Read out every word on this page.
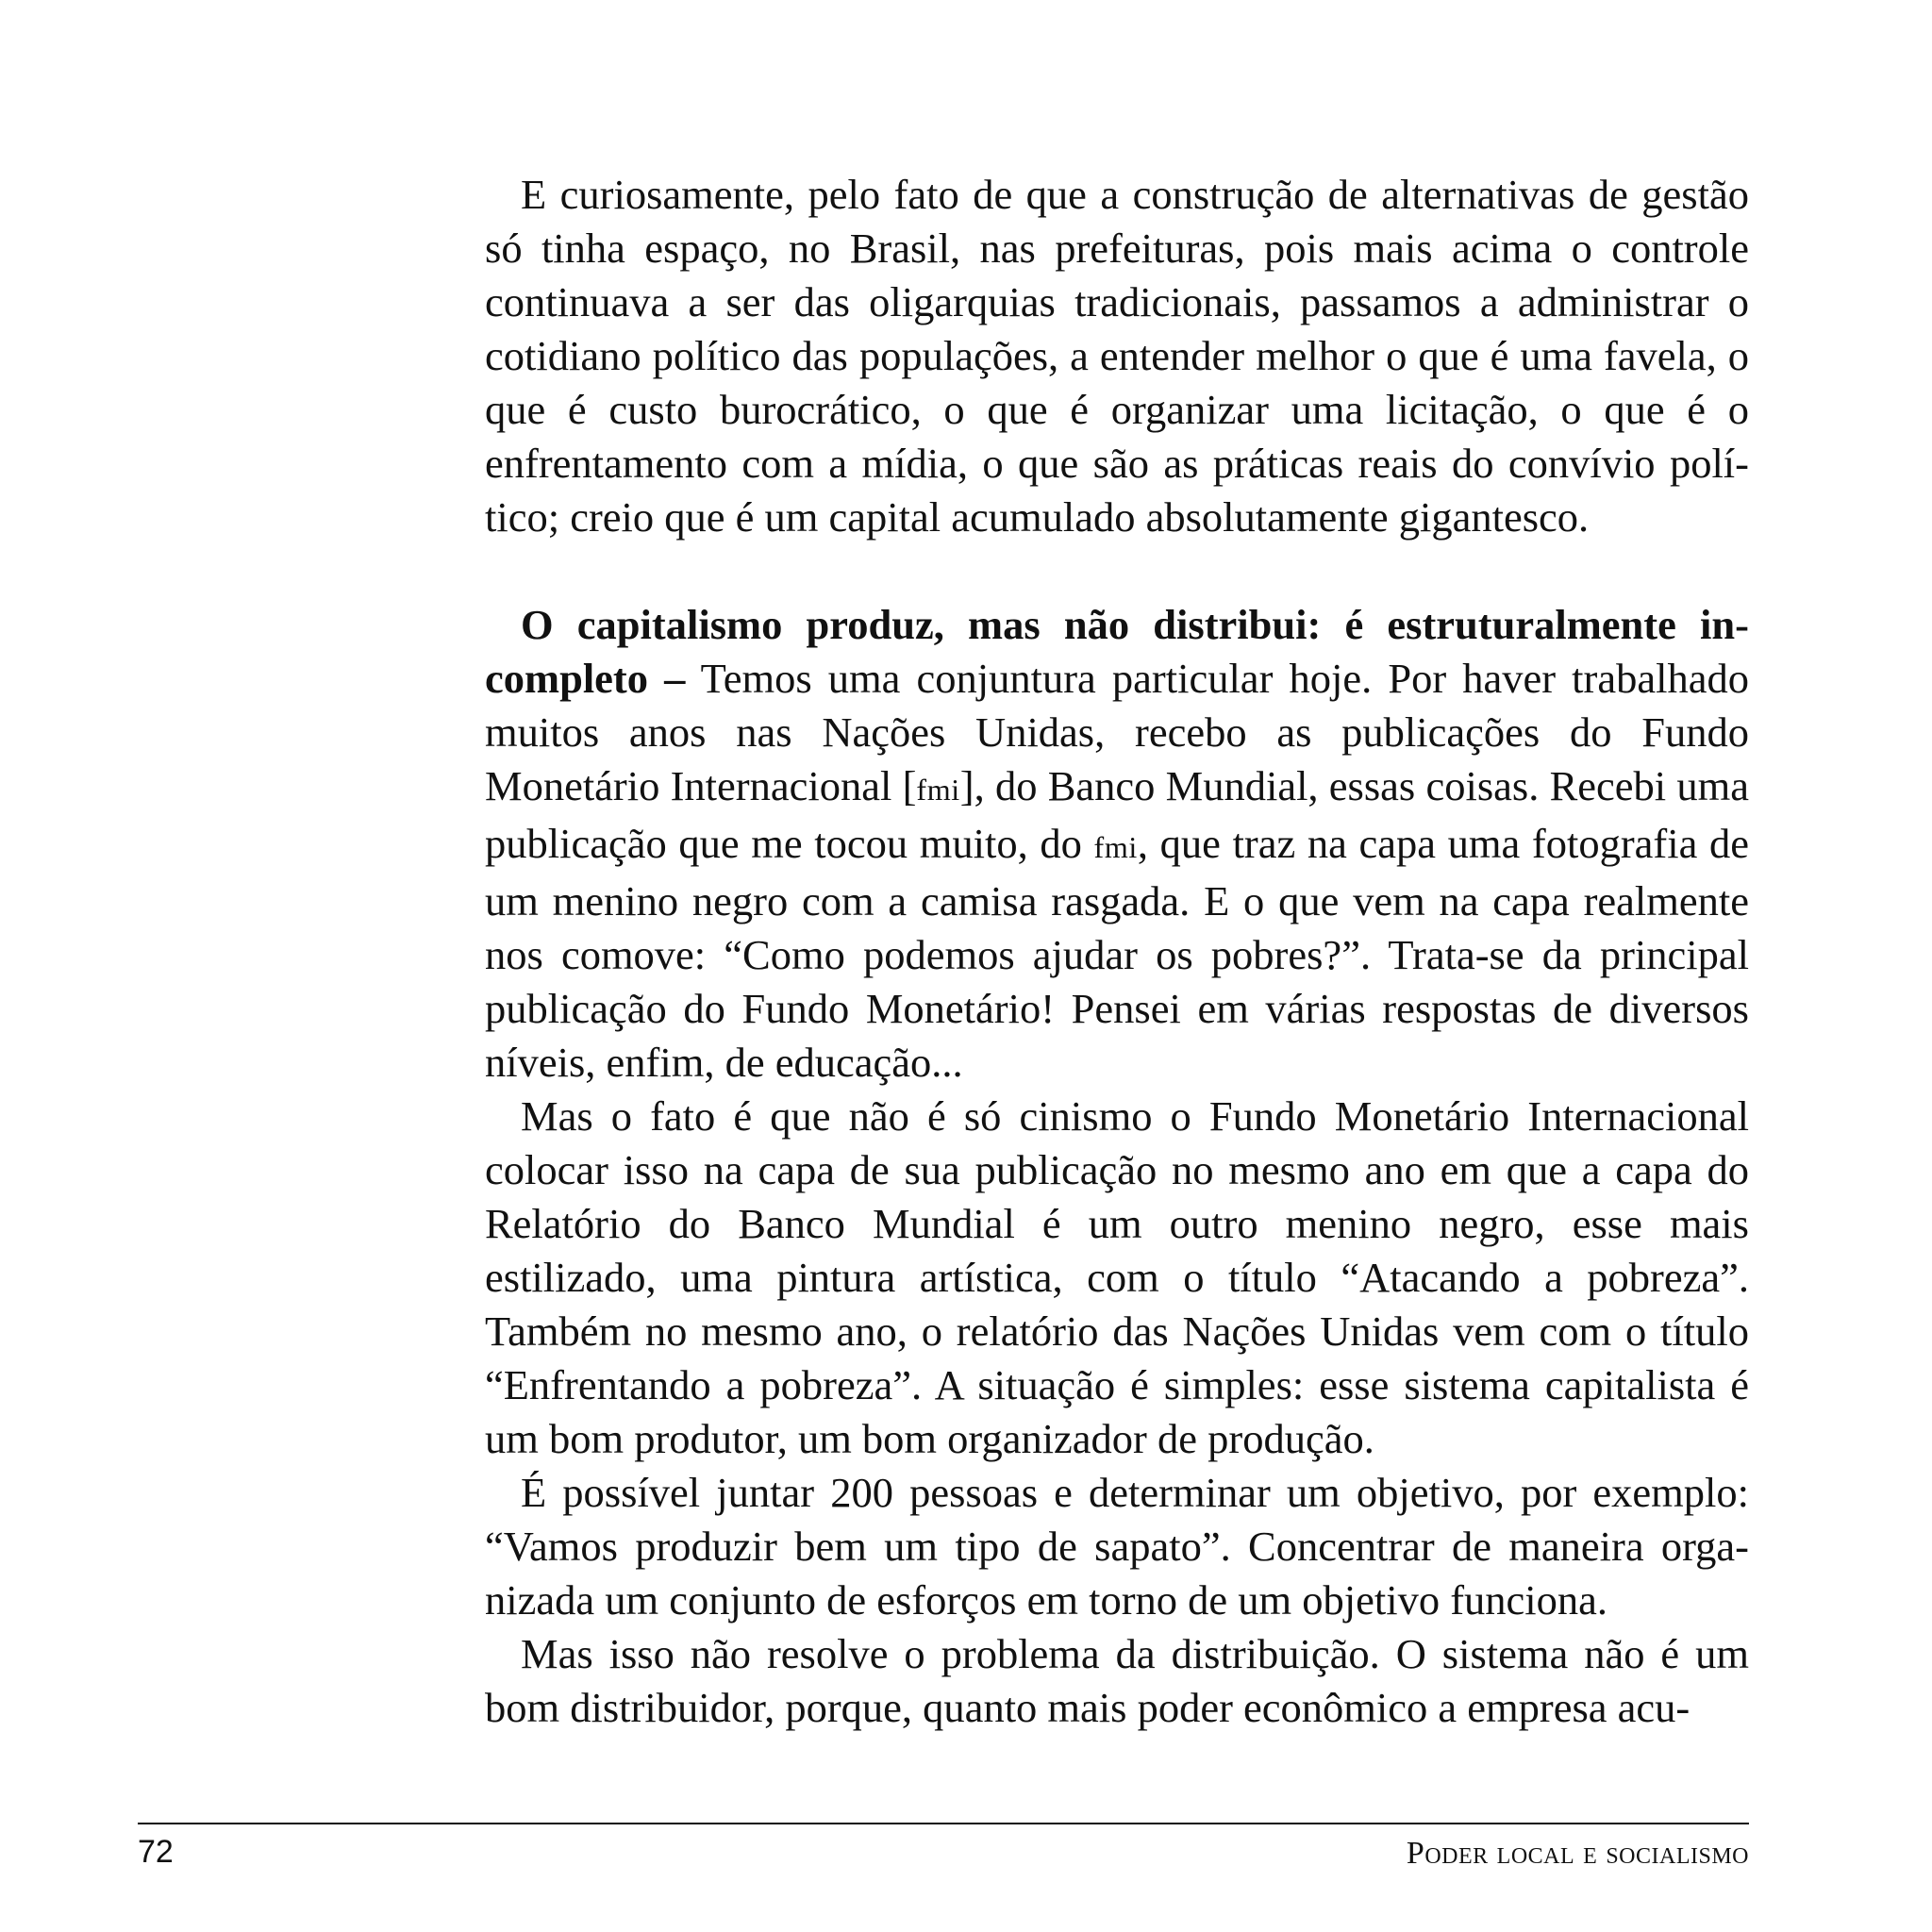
E curiosamente, pelo fato de que a construção de alternativas de gestão só tinha espaço, no Brasil, nas prefeituras, pois mais acima o controle continuava a ser das oligarquias tradicionais, passamos a administrar o cotidiano político das populações, a entender melhor o que é uma favela, o que é custo burocrático, o que é organizar uma licitação, o que é o enfrentamento com a mídia, o que são as práticas reais do convívio político; creio que é um capital acumulado absolutamente gigantesco.

O capitalismo produz, mas não distribui: é estruturalmente incompleto – Temos uma conjuntura particular hoje. Por haver trabalhado muitos anos nas Nações Unidas, recebo as publicações do Fundo Monetário Internacional [fmi], do Banco Mundial, essas coisas. Recebi uma publicação que me tocou muito, do fmi, que traz na capa uma fotografia de um menino negro com a camisa rasgada. E o que vem na capa realmente nos comove: “Como podemos ajudar os pobres?”. Trata-se da principal publicação do Fundo Monetário! Pensei em várias respostas de diversos níveis, enfim, de educação...

Mas o fato é que não é só cinismo o Fundo Monetário Internacional colocar isso na capa de sua publicação no mesmo ano em que a capa do Relatório do Banco Mundial é um outro menino negro, esse mais estilizado, uma pintura artística, com o título “Atacando a pobreza”. Também no mesmo ano, o relatório das Nações Unidas vem com o título “Enfrentando a pobreza”. A situação é simples: esse sistema capitalista é um bom produtor, um bom organizador de produção.

É possível juntar 200 pessoas e determinar um objetivo, por exemplo: “Vamos produzir bem um tipo de sapato”. Concentrar de maneira organizada um conjunto de esforços em torno de um objetivo funciona.

Mas isso não resolve o problema da distribuição. O sistema não é um bom distribuidor, porque, quanto mais poder econômico a empresa acu-

72	Poder local e socialismo
